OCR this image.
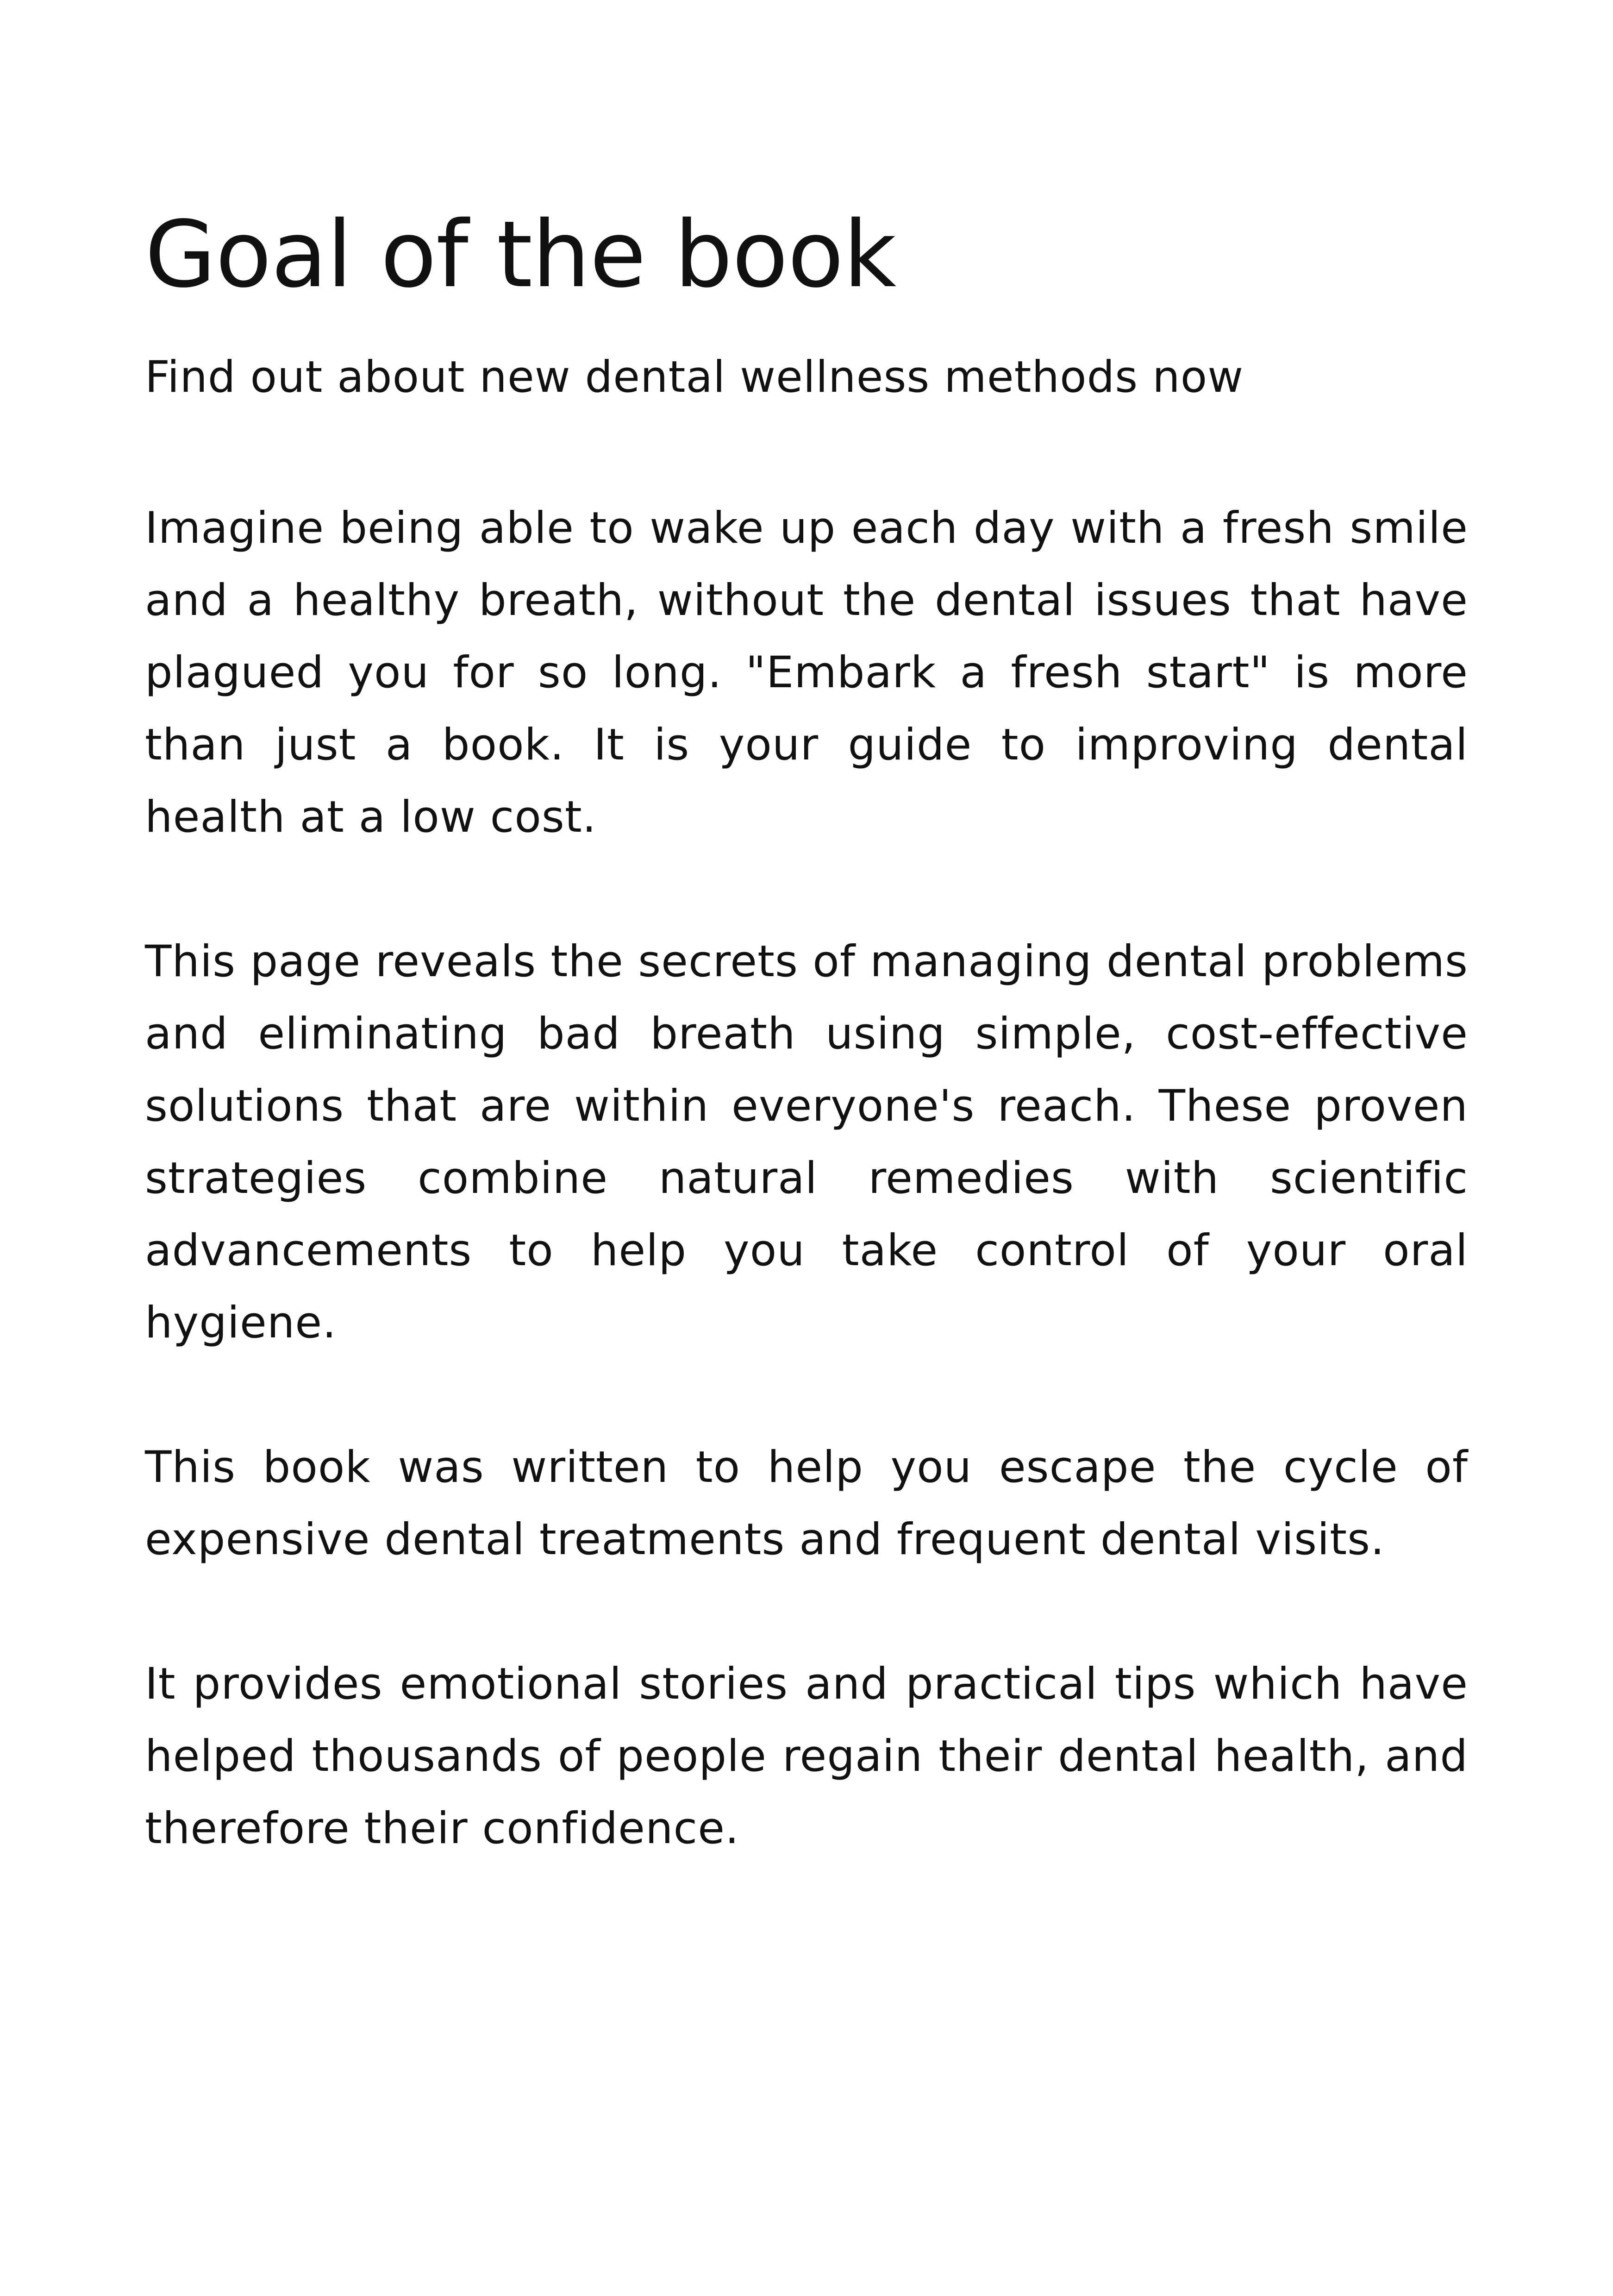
Goal of the book

Find out about new dental wellness methods now

Imagine being able to wake up each day with a fresh smile and a healthy breath, without the dental issues that have plagued you for so long. "Embark a fresh start" is more than just a book. It is your guide to improving dental health at a low cost.

This page reveals the secrets of managing dental problems and eliminating bad breath using simple, cost-effective solutions that are within everyone's reach. These proven strategies combine natural remedies with scientific advancements to help you take control of your oral hygiene.

This book was written to help you escape the cycle of expensive dental treatments and frequent dental visits.

It provides emotional stories and practical tips which have helped thousands of people regain their dental health, and therefore their confidence.
